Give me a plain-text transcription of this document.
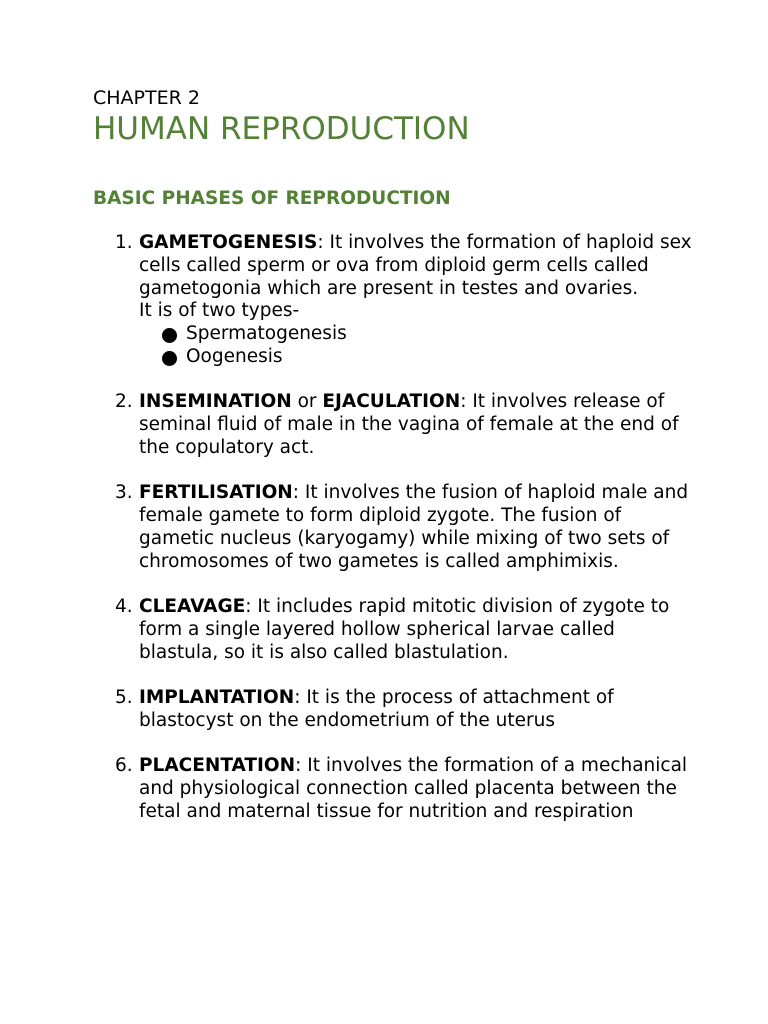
CHAPTER 2
HUMAN REPRODUCTION
BASIC PHASES OF REPRODUCTION
1. GAMETOGENESIS: It involves the formation of haploid sex cells called sperm or ova from diploid germ cells called gametogonia which are present in testes and ovaries.
It is of two types-
Spermatogenesis
Oogenesis
2. INSEMINATION or EJACULATION: It involves release of seminal fluid of male in the vagina of female at the end of the copulatory act.
3. FERTILISATION: It involves the fusion of haploid male and female gamete to form diploid zygote. The fusion of gametic nucleus (karyogamy) while mixing of two sets of chromosomes of two gametes is called amphimixis.
4. CLEAVAGE: It includes rapid mitotic division of zygote to form a single layered hollow spherical larvae called blastula, so it is also called blastulation.
5. IMPLANTATION: It is the process of attachment of blastocyst on the endometrium of the uterus
6. PLACENTATION: It involves the formation of a mechanical and physiological connection called placenta between the fetal and maternal tissue for nutrition and respiration
